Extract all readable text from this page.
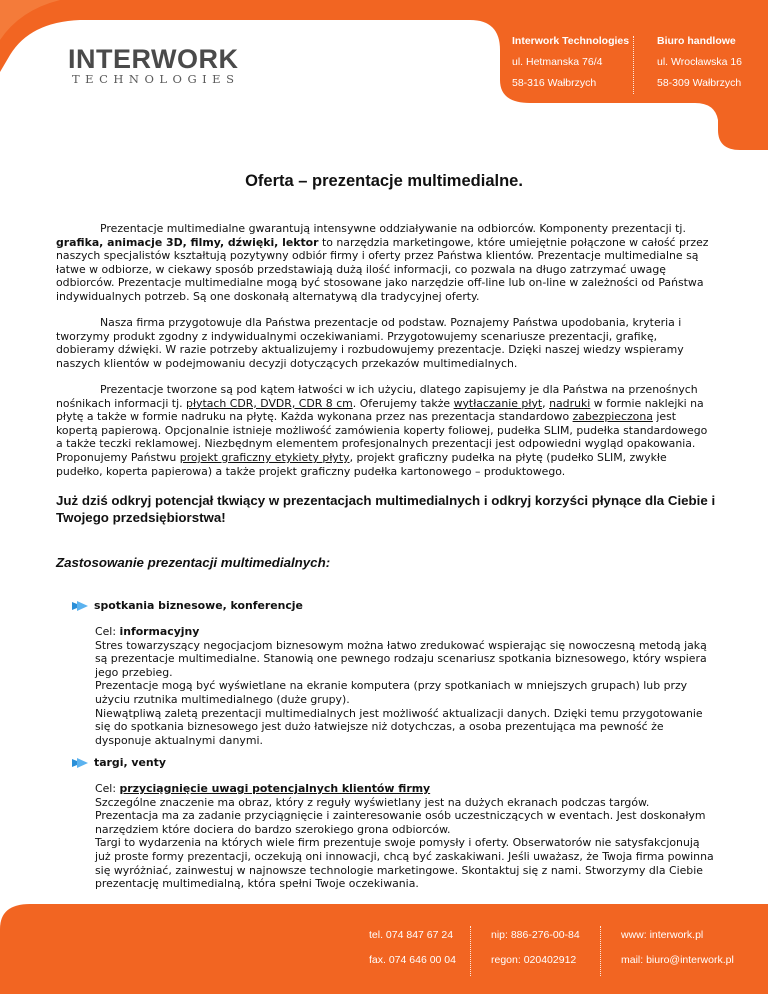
INTERWORK
TECHNOLOGIES
Interwork Technologies
ul. Hetmanska 76/4
58-316 Wałbrzych
Biuro handlowe
ul. Wrocławska 16
58-309 Wałbrzych
Oferta – prezentacje multimedialne.

Prezentacje multimedialne gwarantują intensywne oddziaływanie na odbiorców. Komponenty prezentacji tj. grafika, animacje 3D, filmy, dźwięki, lektor to narzędzia marketingowe, które umiejętnie połączone w całość przez naszych specjalistów kształtują pozytywny odbiór firmy i oferty przez Państwa klientów. Prezentacje multimedialne są łatwe w odbiorze, w ciekawy sposób przedstawiają dużą ilość informacji, co pozwala na długo zatrzymać uwagę odbiorców. Prezentacje multimedialne mogą być stosowane jako narzędzie off-line lub on-line w zależności od Państwa indywidualnych potrzeb. Są one doskonałą alternatywą dla tradycyjnej oferty.

Nasza firma przygotowuje dla Państwa prezentacje od podstaw. Poznajemy Państwa upodobania, kryteria i tworzymy produkt zgodny z indywidualnymi oczekiwaniami. Przygotowujemy scenariusze prezentacji, grafikę, dobieramy dźwięki. W razie potrzeby aktualizujemy i rozbudowujemy prezentacje. Dzięki naszej wiedzy wspieramy naszych klientów w podejmowaniu decyzji dotyczących przekazów multimedialnych.

Prezentacje tworzone są pod kątem łatwości w ich użyciu, dlatego zapisujemy je dla Państwa na przenośnych nośnikach informacji tj. płytach CDR, DVDR, CDR 8 cm. Oferujemy także wytłaczanie płyt, nadruki w formie naklejki na płytę a także w formie nadruku na płytę. Każda wykonana przez nas prezentacja standardowo zabezpieczona jest kopertą papierową. Opcjonalnie istnieje możliwość zamówienia koperty foliowej, pudełka SLIM, pudełka standardowego a także teczki reklamowej. Niezbędnym elementem profesjonalnych prezentacji jest odpowiedni wygląd opakowania. Proponujemy Państwu projekt graficzny etykiety płyty, projekt graficzny pudełka na płytę (pudełko SLIM, zwykłe pudełko, koperta papierowa) a także projekt graficzny pudełka kartonowego – produktowego.

Już dziś odkryj potencjał tkwiący w prezentacjach multimedialnych i odkryj korzyści płynące dla Ciebie i Twojego przedsiębiorstwa!
Zastosowanie prezentacji multimedialnych:
spotkania biznesowe, konferencje
Cel: informacyjny
Stres towarzyszący negocjacjom biznesowym można łatwo zredukować wspierając się nowoczesną metodą jaką są prezentacje multimedialne. Stanowią one pewnego rodzaju scenariusz spotkania biznesowego, który wspiera jego przebieg.
Prezentacje mogą być wyświetlane na ekranie komputera (przy spotkaniach w mniejszych grupach) lub przy użyciu rzutnika multimedialnego (duże grupy).
Niewątpliwą zaletą prezentacji multimedialnych jest możliwość aktualizacji danych. Dzięki temu przygotowanie się do spotkania biznesowego jest dużo łatwiejsze niż dotychczas, a osoba prezentująca ma pewność że dysponuje aktualnymi danymi.
targi, venty
Cel: przyciągnięcie uwagi potencjalnych klientów firmy
Szczególne znaczenie ma obraz, który z reguły wyświetlany jest na dużych ekranach podczas targów. Prezentacja ma za zadanie przyciągnięcie i zainteresowanie osób uczestniczących w eventach. Jest doskonałym narzędziem które dociera do bardzo szerokiego grona odbiorców.
Targi to wydarzenia na których wiele firm prezentuje swoje pomysły i oferty. Obserwatorów nie satysfakcjonują już proste formy prezentacji, oczekują oni innowacji, chcą być zaskakiwani. Jeśli uważasz, że Twoja firma powinna się wyróżniać, zainwestuj w najnowsze technologie marketingowe. Skontaktuj się z nami. Stworzymy dla Ciebie prezentację multimedialną, która spełni Twoje oczekiwania.
tel. 074 847 67 24
fax. 074 646 00 04
nip: 886-276-00-84
regon: 020402912
www: interwork.pl
mail: biuro@interwork.pl
